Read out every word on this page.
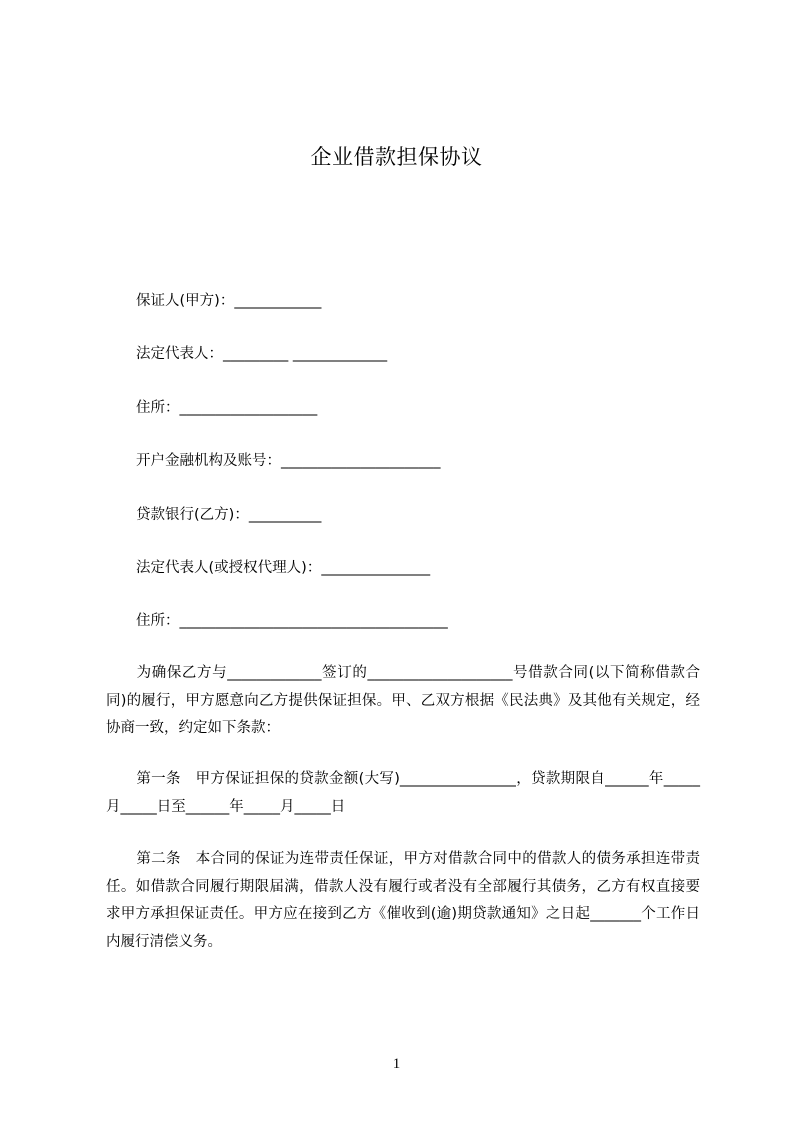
企业借款担保协议
保证人(甲方)：____________
法定代表人：_________ _____________
住所：___________________
开户金融机构及账号：______________________
贷款银行(乙方)：__________
法定代表人(或授权代理人)：_______________
住所：_____________________________________
为确保乙方与_____________签订的____________________号借款合同(以下简称借款合同)的履行，甲方愿意向乙方提供保证担保。甲、乙双方根据《民法典》及其他有关规定，经协商一致，约定如下条款：
第一条　甲方保证担保的贷款金额(大写)________________，贷款期限自______年_____月_____日至______年_____月_____日
第二条　本合同的保证为连带责任保证，甲方对借款合同中的借款人的债务承担连带责任。如借款合同履行期限届满，借款人没有履行或者没有全部履行其债务，乙方有权直接要求甲方承担保证责任。甲方应在接到乙方《催收到(逾)期贷款通知》之日起_______个工作日内履行清偿义务。
1
